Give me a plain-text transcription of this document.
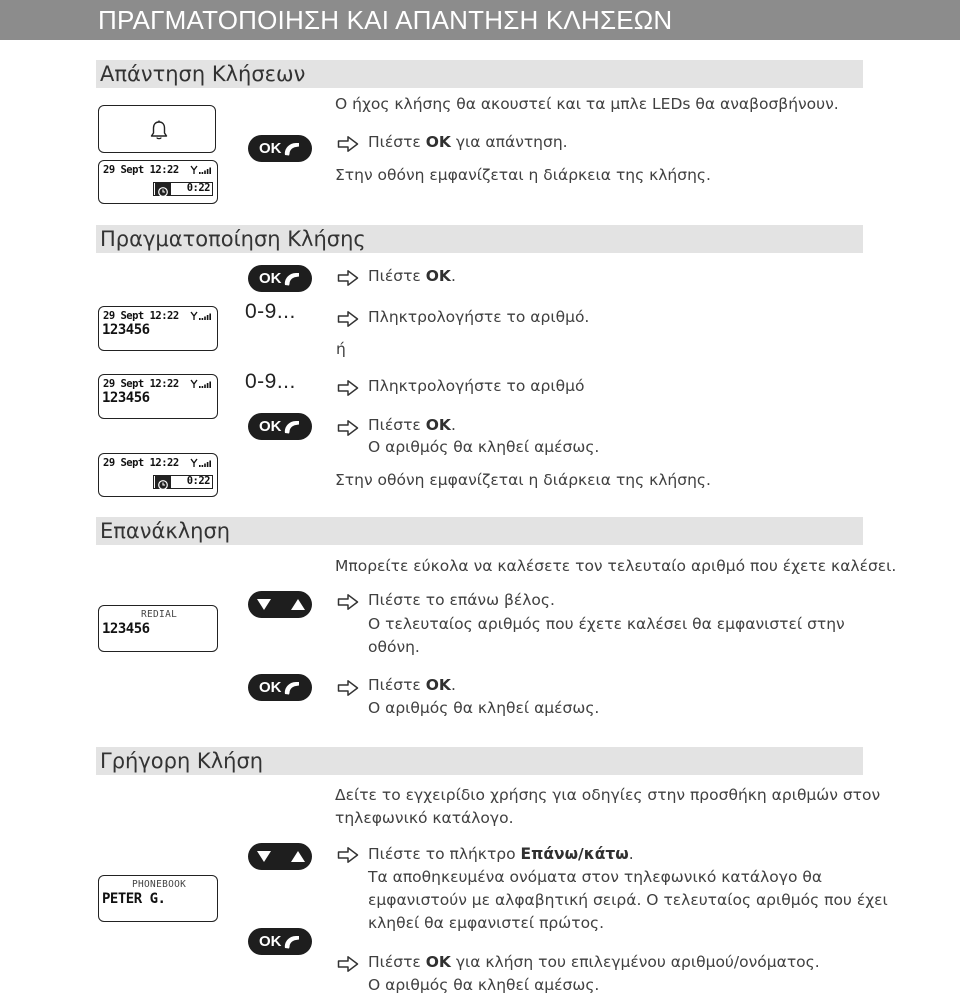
ΠΡΑΓΜΑΤΟΠΟΙΗΣΗ ΚΑΙ ΑΠΑΝΤΗΣΗ ΚΛΗΣΕΩΝ
Απάντηση Κλήσεων
29 Sept 12:22
0:22
OK
Ο ήχος κλήσης θα ακουστεί και τα μπλε LEDs θα αναβοσβήνουν.
Πιέστε OK για απάντηση.
Στην οθόνη εμφανίζεται η διάρκεια της κλήσης.
Πραγματοποίηση Κλήσης
OK	Πιέστε OK.
29 Sept 12:22
123456
0-9...	Πληκτρολογήστε το αριθμό.
ή
29 Sept 12:22
123456
0-9...	Πληκτρολογήστε το αριθμό
OK	Πιέστε OK.
Ο αριθμός θα κληθεί αμέσως.
29 Sept 12:22
0:22	Στην οθόνη εμφανίζεται η διάρκεια της κλήσης.
Επανάκληση
Μπορείτε εύκολα να καλέσετε τον τελευταίο αριθμό που έχετε καλέσει.
REDIAL
123456
Πιέστε το επάνω βέλος.
Ο τελευταίος αριθμός που έχετε καλέσει θα εμφανιστεί στην
οθόνη.
OK	Πιέστε OK.
Ο αριθμός θα κληθεί αμέσως.
Γρήγορη Κλήση
Δείτε το εγχειρίδιο χρήσης για οδηγίες στην προσθήκη αριθμών στον
τηλεφωνικό κατάλογο.
Πιέστε το πλήκτρο Επάνω/κάτω.
Τα αποθηκευμένα ονόματα στον τηλεφωνικό κατάλογο θα
εμφανιστούν με αλφαβητική σειρά. Ο τελευταίος αριθμός που έχει
κληθεί θα εμφανιστεί πρώτος.
PHONEBOOK
PETER G.
OK
Πιέστε OK για κλήση του επιλεγμένου αριθμού/ονόματος.
Ο αριθμός θα κληθεί αμέσως.
